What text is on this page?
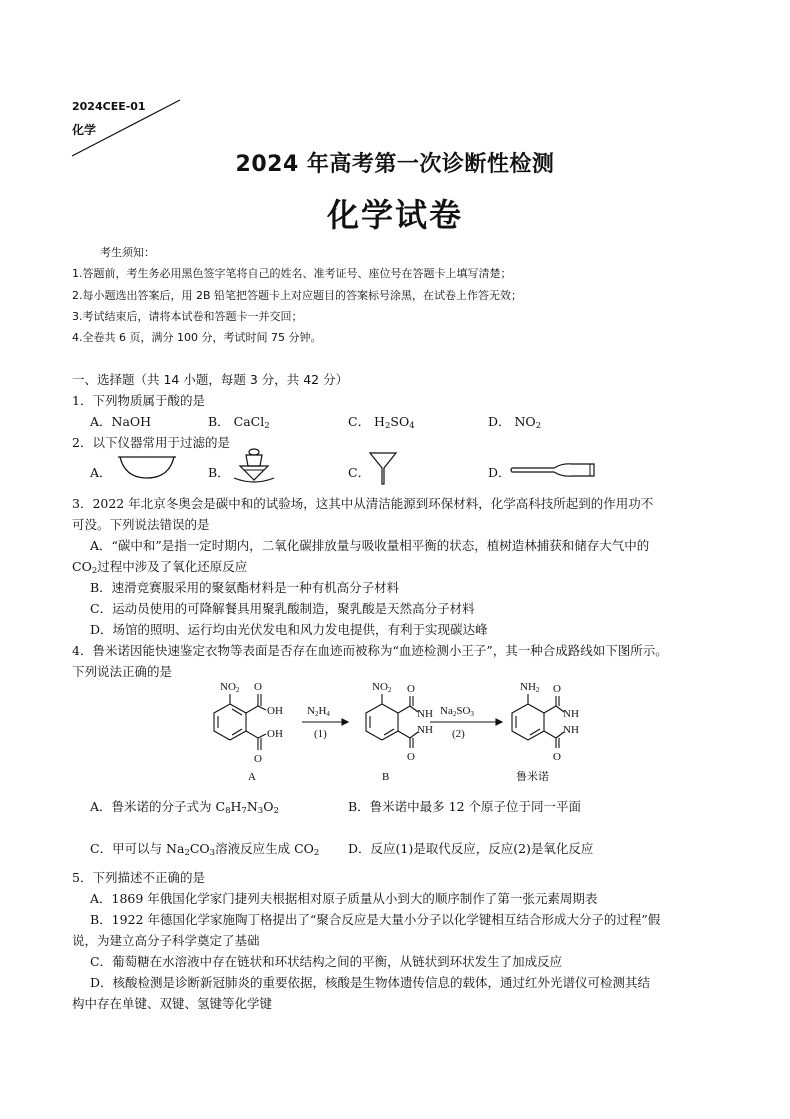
2024CEE-01
化学
2024 年高考第一次诊断性检测
化学试卷
考生须知：
1.答题前，考生务必用黑色签字笔将自己的姓名、准考证号、座位号在答题卡上填写清楚；
2.每小题选出答案后，用 2B 铅笔把答题卡上对应题目的答案标号涂黑，在试卷上作答无效；
3.考试结束后，请将本试卷和答题卡一并交回；
4.全卷共 6 页，满分 100 分，考试时间 75 分钟。
一、选择题（共 14 小题，每题 3 分，共 42 分）
1．下列物质属于酸的是
A．NaOH	B． CaCl$_2$	C． $H_2SO_4$	D． $NO_2$
2．以下仪器常用于过滤的是
A．	B．	C．	D．
3．2022 年北京冬奥会是碳中和的试验场，这其中从清洁能源到环保材料，化学高科技所起到的作用功不
可没。下列说法错误的是
A．“碳中和”是指一定时期内，二氧化碳排放量与吸收量相平衡的状态，植树造林捕获和储存大气中的
$CO_2$过程中涉及了氧化还原反应
B．速滑竞赛服采用的聚氨酯材料是一种有机高分子材料
C．运动员使用的可降解餐具用聚乳酸制造，聚乳酸是天然高分子材料
D．场馆的照明、运行均由光伏发电和风力发电提供，有利于实现碳达峰
4．鲁米诺因能快速鉴定衣物等表面是否存在血迹而被称为“血迹检测小王子”，其一种合成路线如下图所示。
下列说法正确的是
NO2 O
OH
O
OH
N2H4
(1)
NO2 O
NH
NH
O
Na2SO3
(2)
NH2 O
NH
NH
O
A	B	鲁米诺
A．鲁米诺的分子式为 $C_8H_7N_3O_2$	B．鲁米诺中最多 12 个原子位于同一平面
C．甲可以与 $Na_2CO_3$溶液反应生成 $CO_2$ D．反应(1)是取代反应，反应(2)是氧化反应
5．下列描述不正确的是
A．1869 年俄国化学家门捷列夫根据相对原子质量从小到大的顺序制作了第一张元素周期表
B．1922 年德国化学家施陶丁格提出了“聚合反应是大量小分子以化学键相互结合形成大分子的过程”假
说，为建立高分子科学奠定了基础
C．葡萄糖在水溶液中存在链状和环状结构之间的平衡，从链状到环状发生了加成反应
D．核酸检测是诊断新冠肺炎的重要依据，核酸是生物体遗传信息的载体，通过红外光谱仪可检测其结
构中存在单键、双键、氢键等化学键
